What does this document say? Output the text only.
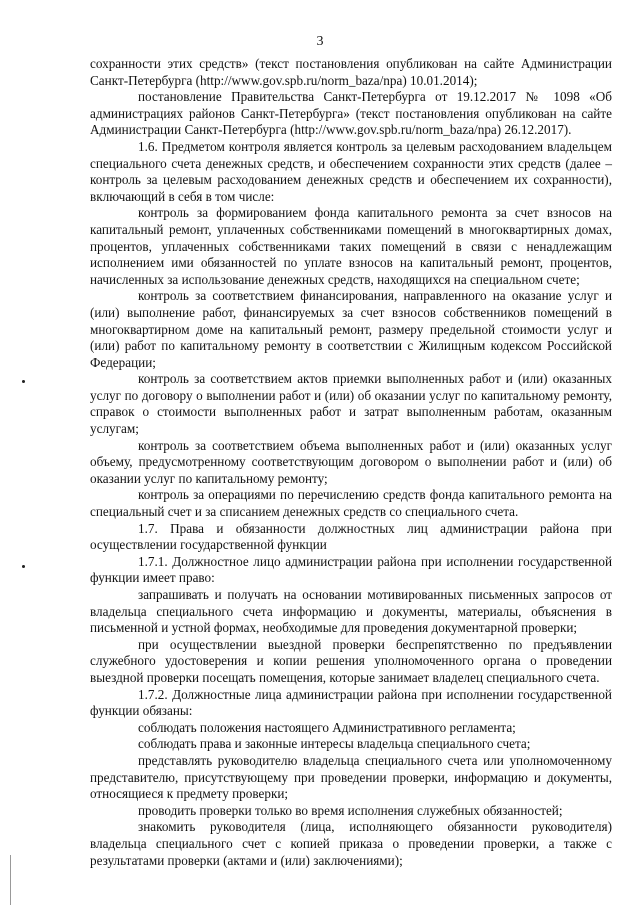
3

сохранности этих средств» (текст постановления опубликован на сайте Администрации Санкт-Петербурга (http://www.gov.spb.ru/norm_baza/npa) 10.01.2014);

постановление Правительства Санкт-Петербурга от 19.12.2017 № 1098 «Об администрациях районов Санкт-Петербурга» (текст постановления опубликован на сайте Администрации Санкт-Петербурга (http://www.gov.spb.ru/norm_baza/npa) 26.12.2017).

1.6. Предметом контроля является контроль за целевым расходованием владельцем специального счета денежных средств, и обеспечением сохранности этих средств (далее – контроль за целевым расходованием денежных средств и обеспечением их сохранности), включающий в себя в том числе:

контроль за формированием фонда капитального ремонта за счет взносов на капитальный ремонт, уплаченных собственниками помещений в многоквартирных домах, процентов, уплаченных собственниками таких помещений в связи с ненадлежащим исполнением ими обязанностей по уплате взносов на капитальный ремонт, процентов, начисленных за использование денежных средств, находящихся на специальном счете;

контроль за соответствием финансирования, направленного на оказание услуг и (или) выполнение работ, финансируемых за счет взносов собственников помещений в многоквартирном доме на капитальный ремонт, размеру предельной стоимости услуг и (или) работ по капитальному ремонту в соответствии с Жилищным кодексом Российской Федерации;

контроль за соответствием актов приемки выполненных работ и (или) оказанных услуг по договору о выполнении работ и (или) об оказании услуг по капитальному ремонту, справок о стоимости выполненных работ и затрат выполненным работам, оказанным услугам;

контроль за соответствием объема выполненных работ и (или) оказанных услуг объему, предусмотренному соответствующим договором о выполнении работ и (или) об оказании услуг по капитальному ремонту;

контроль за операциями по перечислению средств фонда капитального ремонта на специальный счет и за списанием денежных средств со специального счета.

1.7. Права и обязанности должностных лиц администрации района при осуществлении государственной функции

1.7.1. Должностное лицо администрации района при исполнении государственной функции имеет право:

запрашивать и получать на основании мотивированных письменных запросов от владельца специального счета информацию и документы, материалы, объяснения в письменной и устной формах, необходимые для проведения документарной проверки;

при осуществлении выездной проверки беспрепятственно по предъявлении служебного удостоверения и копии решения уполномоченного органа о проведении выездной проверки посещать помещения, которые занимает владелец специального счета.

1.7.2. Должностные лица администрации района при исполнении государственной функции обязаны:

соблюдать положения настоящего Административного регламента;

соблюдать права и законные интересы владельца специального счета;

представлять руководителю владельца специального счета или уполномоченному представителю, присутствующему при проведении проверки, информацию и документы, относящиеся к предмету проверки;

проводить проверки только во время исполнения служебных обязанностей;

знакомить руководителя (лица, исполняющего обязанности руководителя) владельца специального счет с копией приказа о проведении проверки, а также с результатами проверки (актами и (или) заключениями);
